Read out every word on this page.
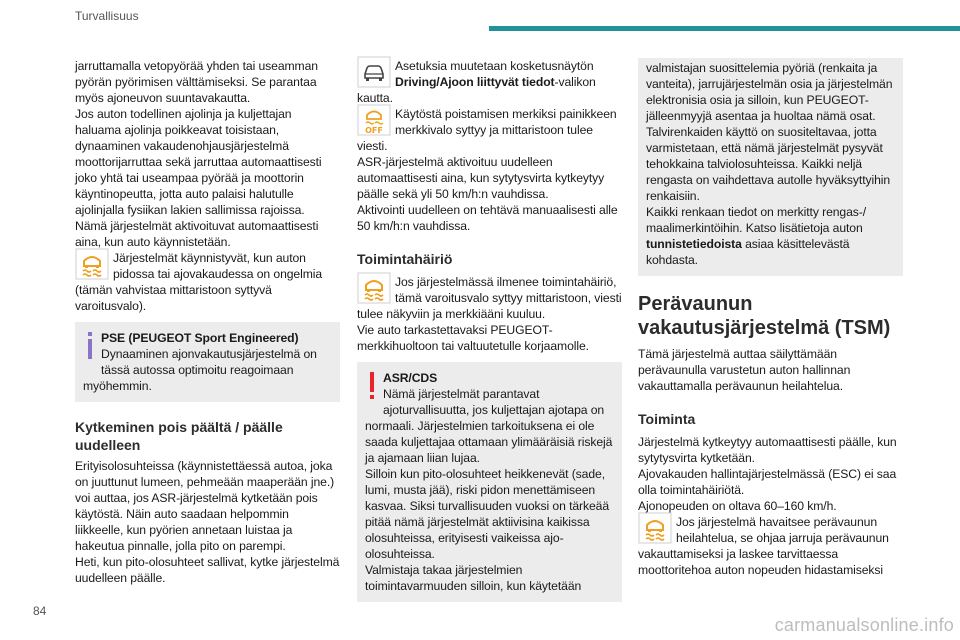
Turvallisuus

jarruttamalla vetopyörää yhden tai useamman pyörän pyörimisen välttämiseksi. Se parantaa myös ajoneuvon suuntavakautta.

Jos auton todellinen ajolinja ja kuljettajan haluama ajolinja poikkeavat toisistaan, dynaaminen vakaudenohjausjärjestelmä moottorijarruttaa sekä jarruttaa automaattisesti joko yhtä tai useampaa pyörää ja moottorin käyntinopeutta, jotta auto palaisi halutulle ajolinjalla fysiikan lakien sallimissa rajoissa.

Nämä järjestelmät aktivoituvat automaattisesti aina, kun auto käynnistetään.

Järjestelmät käynnistyvät, kun auton pidossa tai ajovakaudessa on ongelmia (tämän vahvistaa mittaristoon syttyvä varoitusvalo).

PSE (PEUGEOT Sport Engineered)

Dynaaminen ajonvakautusjärjestelmä on tässä autossa optimoitu reagoimaan myöhemmin.

Kytkeminen pois päältä / päälle uudelleen

Erityisolosuhteissa (käynnistettäessä autoa, joka on juuttunut lumeen, pehmeään maaperään jne.) voi auttaa, jos ASR-järjestelmä kytketään pois käytöstä. Näin auto saadaan helpommin liikkeelle, kun pyörien annetaan luistaa ja hakeutua pinnalle, jolla pito on parempi.

Heti, kun pito-olosuhteet sallivat, kytke järjestelmä uudelleen päälle.

Asetuksia muutetaan kosketusnäytön Driving/Ajoon liittyvät tiedot-valikon kautta.

OFF

Käytöstä poistamisen merkiksi painikkeen merkkivalo syttyy ja mittaristoon tulee viesti.

ASR-järjestelmä aktivoituu uudelleen automaattisesti aina, kun sytytysvirta kytkeytyy päälle sekä yli 50 km/h:n vauhdissa.

Aktivointi uudelleen on tehtävä manuaalisesti alle 50 km/h:n vauhdissa.

Toimintahäiriö

Jos järjestelmässä ilmenee toimintahäiriö, tämä varoitusvalo syttyy mittaristoon, viesti tulee näkyviin ja merkkiääni kuuluu.

Vie auto tarkastettavaksi PEUGEOT-merkkihuoltoon tai valtuutetulle korjaamolle.

ASR/CDS

Nämä järjestelmät parantavat ajoturvallisuutta, jos kuljettajan ajotapa on normaali. Järjestelmien tarkoituksena ei ole saada kuljettajaa ottamaan ylimääräisiä riskejä ja ajamaan liian lujaa.

Silloin kun pito-olosuhteet heikkenevät (sade, lumi, musta jää), riski pidon menettämiseen kasvaa. Siksi turvallisuuden vuoksi on tärkeää pitää nämä järjestelmät aktiivisina kaikissa olosuhteissa, erityisesti vaikeissa ajo-olosuhteissa.

Valmistaja takaa järjestelmien toimintavarmuuden silloin, kun käytetään

valmistajan suosittelemia pyöriä (renkaita ja vanteita), jarrujärjestelmän osia ja järjestelmän elektronisia osia ja silloin, kun PEUGEOT-jälleenmyyjä asentaa ja huoltaa nämä osat.

Talvirenkaiden käyttö on suositeltavaa, jotta varmistetaan, että nämä järjestelmät pysyvät tehokkaina talviolosuhteissa. Kaikki neljä rengasta on vaihdettava autolle hyväksyttyihin renkaisiin.

Kaikki renkaan tiedot on merkitty rengas-/ maalimerkintöihin. Katso lisätietoja auton tunnistetiedoista asiaa käsittelevästä kohdasta.

Perävaunun vakautusjärjestelmä (TSM)

Tämä järjestelmä auttaa säilyttämään perävaunulla varustetun auton hallinnan vakauttamalla perävaunun heilahtelua.

Toiminta

Järjestelmä kytkeytyy automaattisesti päälle, kun sytytysvirta kytketään.

Ajovakauden hallintajärjestelmässä (ESC) ei saa olla toimintahäiriötä.

Ajonopeuden on oltava 60–160 km/h.

Jos järjestelmä havaitsee perävaunun heilahtelua, se ohjaa jarruja perävaunun vakauttamiseksi ja laskee tarvittaessa moottoritehoa auton nopeuden hidastamiseksi

84
carmanualsonline.info
